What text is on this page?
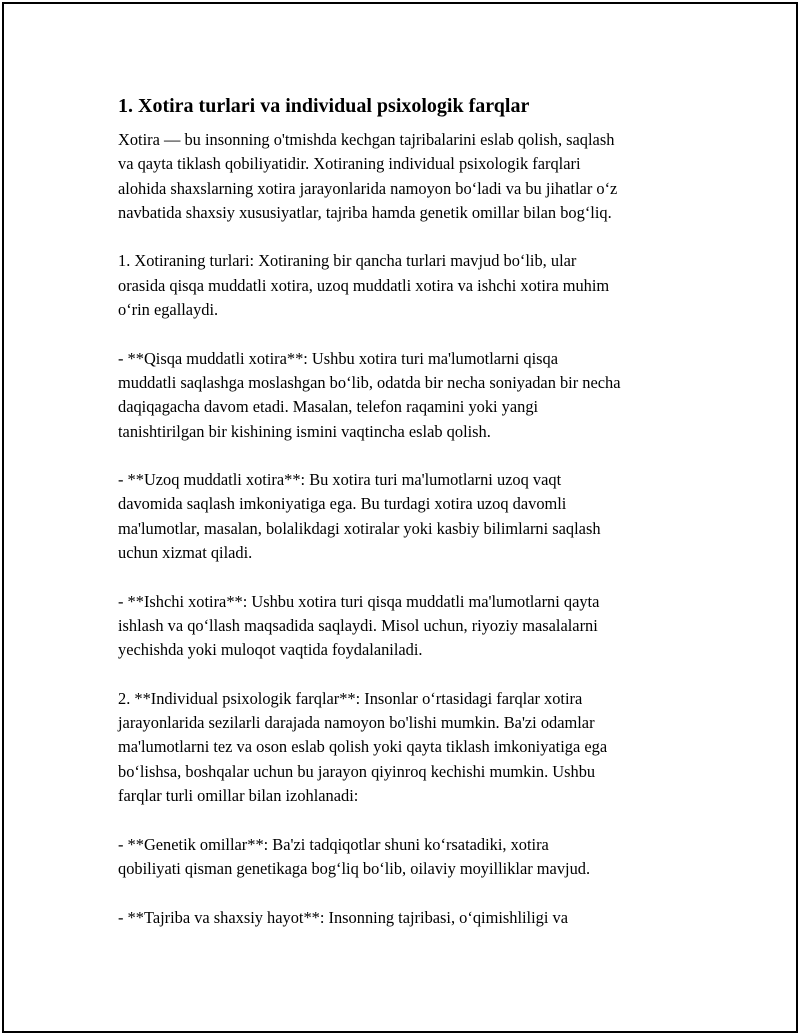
1. Xotira turlari va individual psixologik farqlar

Xotira — bu insonning o'tmishda kechgan tajribalarini eslab qolish, saqlash
va qayta tiklash qobiliyatidir. Xotiraning individual psixologik farqlari
alohida shaxslarning xotira jarayonlarida namoyon bo‘ladi va bu jihatlar o‘z
navbatida shaxsiy xususiyatlar, tajriba hamda genetik omillar bilan bog‘liq.

1. Xotiraning turlari: Xotiraning bir qancha turlari mavjud bo‘lib, ular
orasida qisqa muddatli xotira, uzoq muddatli xotira va ishchi xotira muhim
o‘rin egallaydi.

- **Qisqa muddatli xotira**: Ushbu xotira turi ma'lumotlarni qisqa
muddatli saqlashga moslashgan bo‘lib, odatda bir necha soniyadan bir necha
daqiqagacha davom etadi. Masalan, telefon raqamini yoki yangi
tanishtirilgan bir kishining ismini vaqtincha eslab qolish.

- **Uzoq muddatli xotira**: Bu xotira turi ma'lumotlarni uzoq vaqt
davomida saqlash imkoniyatiga ega. Bu turdagi xotira uzoq davomli
ma'lumotlar, masalan, bolalikdagi xotiralar yoki kasbiy bilimlarni saqlash
uchun xizmat qiladi.

- **Ishchi xotira**: Ushbu xotira turi qisqa muddatli ma'lumotlarni qayta
ishlash va qo‘llash maqsadida saqlaydi. Misol uchun, riyoziy masalalarni
yechishda yoki muloqot vaqtida foydalaniladi.

2. **Individual psixologik farqlar**: Insonlar o‘rtasidagi farqlar xotira
jarayonlarida sezilarli darajada namoyon bo'lishi mumkin. Ba'zi odamlar
ma'lumotlarni tez va oson eslab qolish yoki qayta tiklash imkoniyatiga ega
bo‘lishsa, boshqalar uchun bu jarayon qiyinroq kechishi mumkin. Ushbu
farqlar turli omillar bilan izohlanadi:

- **Genetik omillar**: Ba'zi tadqiqotlar shuni ko‘rsatadiki, xotira
qobiliyati qisman genetikaga bog‘liq bo‘lib, oilaviy moyilliklar mavjud.

- **Tajriba va shaxsiy hayot**: Insonning tajribasi, o‘qimishliligi va
